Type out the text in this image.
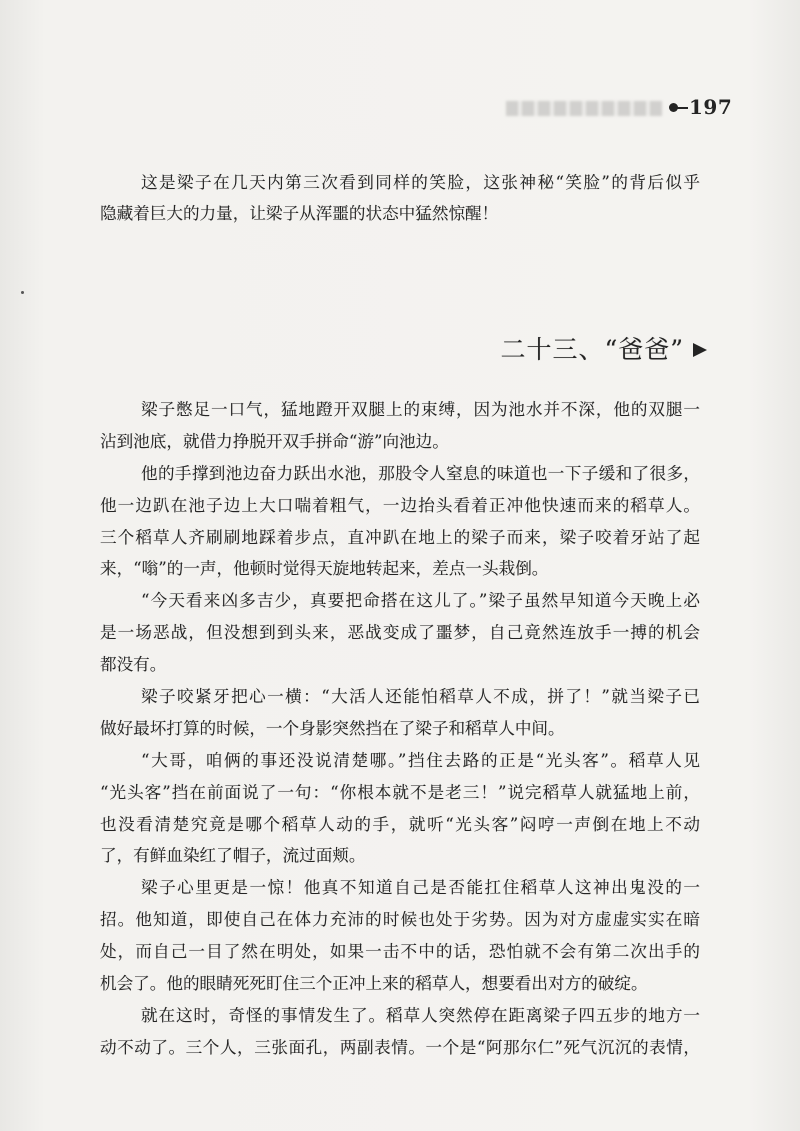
197
这是梁子在几天内第三次看到同样的笑脸，这张神秘“笑脸”的背后似乎
隐藏着巨大的力量，让梁子从浑噩的状态中猛然惊醒！
二十三、“爸爸”
梁子憋足一口气，猛地蹬开双腿上的束缚，因为池水并不深，他的双腿一
沾到池底，就借力挣脱开双手拼命“游”向池边。
他的手撑到池边奋力跃出水池，那股令人窒息的味道也一下子缓和了很多，
他一边趴在池子边上大口喘着粗气，一边抬头看着正冲他快速而来的稻草人。
三个稻草人齐刷刷地踩着步点，直冲趴在地上的梁子而来，梁子咬着牙站了起
来，“嗡”的一声，他顿时觉得天旋地转起来，差点一头栽倒。
“今天看来凶多吉少，真要把命搭在这儿了。”梁子虽然早知道今天晚上必
是一场恶战，但没想到到头来，恶战变成了噩梦，自己竟然连放手一搏的机会
都没有。
梁子咬紧牙把心一横：“大活人还能怕稻草人不成，拼了！”就当梁子已
做好最坏打算的时候，一个身影突然挡在了梁子和稻草人中间。
“大哥，咱俩的事还没说清楚哪。”挡住去路的正是“光头客”。稻草人见
“光头客”挡在前面说了一句：“你根本就不是老三！”说完稻草人就猛地上前，
也没看清楚究竟是哪个稻草人动的手，就听“光头客”闷哼一声倒在地上不动
了，有鲜血染红了帽子，流过面颊。
梁子心里更是一惊！他真不知道自己是否能扛住稻草人这神出鬼没的一
招。他知道，即使自己在体力充沛的时候也处于劣势。因为对方虚虚实实在暗
处，而自己一目了然在明处，如果一击不中的话，恐怕就不会有第二次出手的
机会了。他的眼睛死死盯住三个正冲上来的稻草人，想要看出对方的破绽。
就在这时，奇怪的事情发生了。稻草人突然停在距离梁子四五步的地方一
动不动了。三个人，三张面孔，两副表情。一个是“阿那尔仁”死气沉沉的表情，
